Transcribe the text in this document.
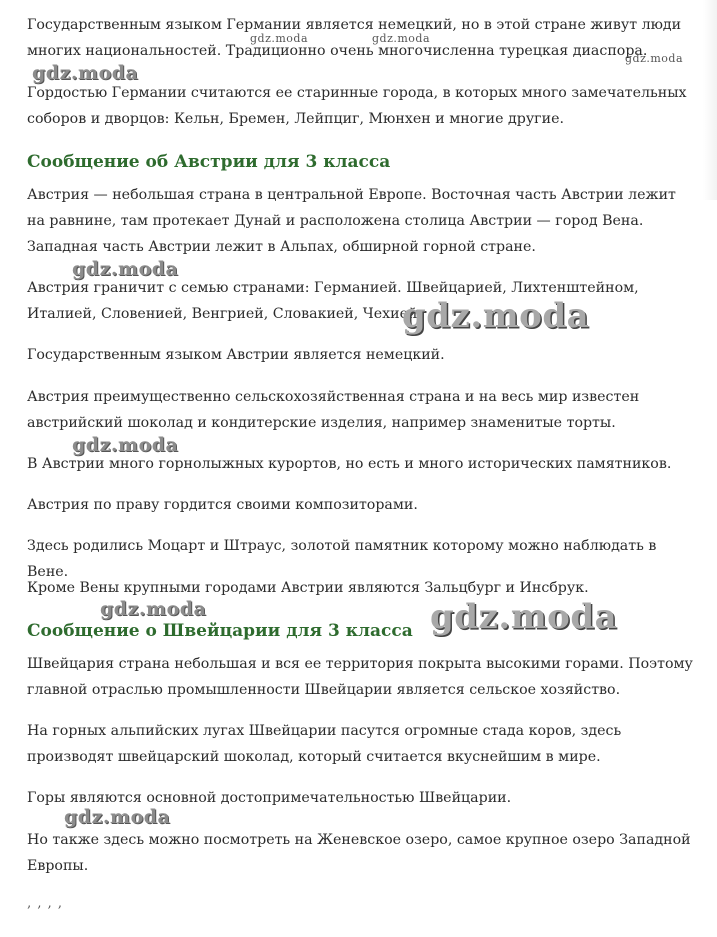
Государственным языком Германии является немецкий, но в этой стране живут люди многих национальностей. Традиционно очень многочисленна турецкая диаспора.

Гордостью Германии считаются ее старинные города, в которых много замечательных соборов и дворцов: Кельн, Бремен, Лейпциг, Мюнхен и многие другие.

Сообщение об Австрии для 3 класса

Австрия — небольшая страна в центральной Европе. Восточная часть Австрии лежит на равнине, там протекает Дунай и расположена столица Австрии — город Вена. Западная часть Австрии лежит в Альпах, обширной горной стране.

Австрия граничит с семью странами: Германией. Швейцарией, Лихтенштейном, Италией, Словенией, Венгрией, Словакией, Чехией.

Государственным языком Австрии является немецкий.

Австрия преимущественно сельскохозяйственная страна и на весь мир известен австрийский шоколад и кондитерские изделия, например знаменитые торты.

В Австрии много горнолыжных курортов, но есть и много исторических памятников.

Австрия по праву гордится своими композиторами.

Здесь родились Моцарт и Штраус, золотой памятник которому можно наблюдать в Вене.

Кроме Вены крупными городами Австрии являются Зальцбург и Инсбрук.

Сообщение о Швейцарии для 3 класса

Швейцария страна небольшая и вся ее территория покрыта высокими горами. Поэтому главной отраслью промышленности Швейцарии является сельское хозяйство.

На горных альпийских лугах Швейцарии пасутся огромные стада коров, здесь производят швейцарский шоколад, который считается вкуснейшим в мире.

Горы являются основной достопримечательностью Швейцарии.

Но также здесь можно посмотреть на Женевское озеро, самое крупное озеро Западной Европы.

gdz.moda	gdz.moda
gdz.moda
gdz.moda
gdz.moda
gdz.moda
gdz.moda
gdz.moda	gdz.moda
gdz.moda
‚ ‚ ‚ ‚
